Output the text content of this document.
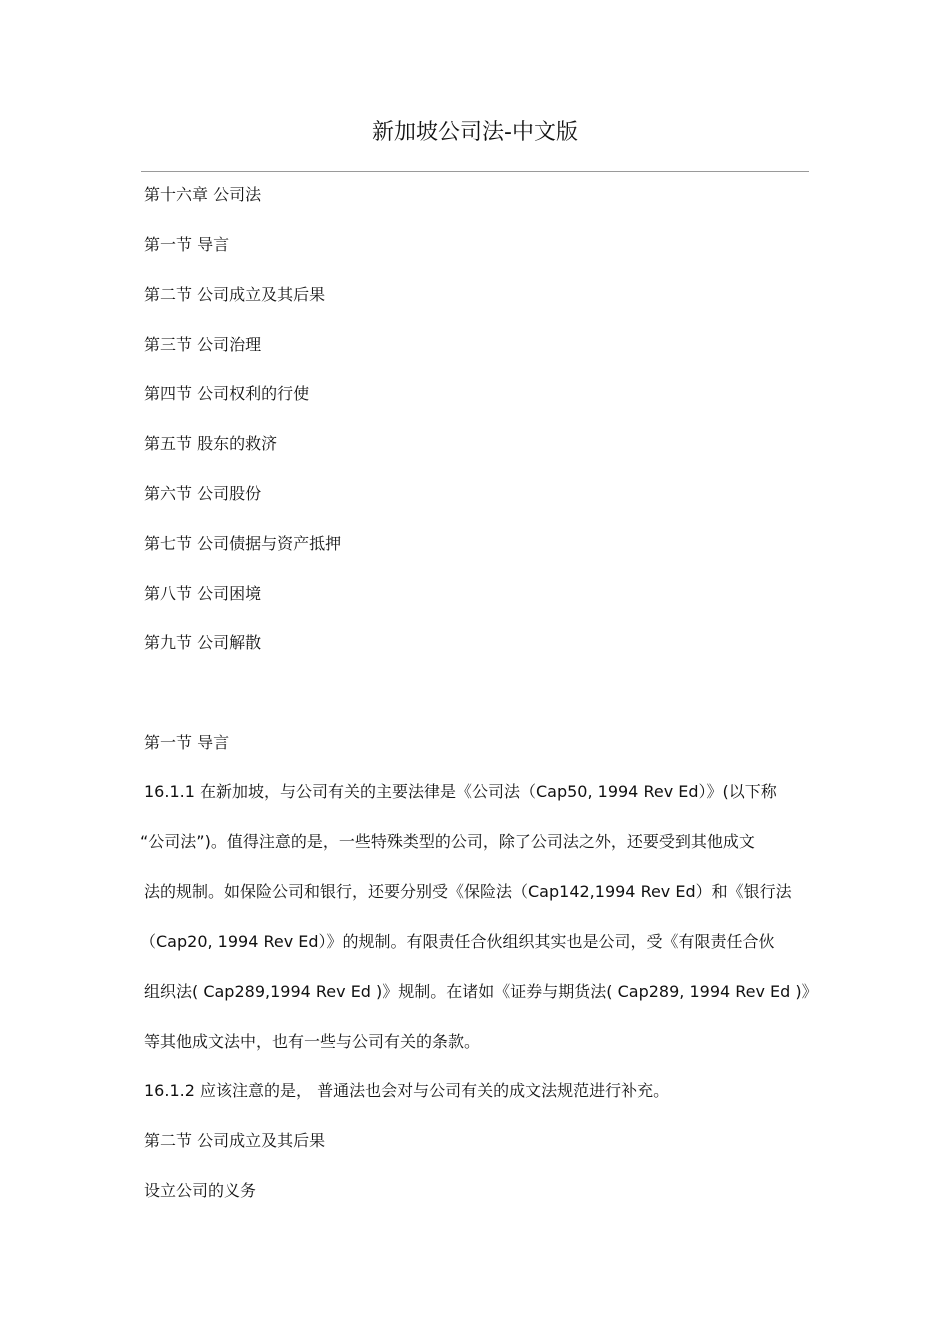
新加坡公司法-中文版
第十六章 公司法
第一节 导言
第二节 公司成立及其后果
第三节 公司治理
第四节 公司权利的行使
第五节 股东的救济
第六节 公司股份
第七节 公司债据与资产抵押
第八节 公司困境
第九节 公司解散
第一节 导言
16.1.1 在新加坡，与公司有关的主要法律是《公司法（Cap50, 1994 Rev Ed）》(以下称
“公司法”)。值得注意的是，一些特殊类型的公司，除了公司法之外，还要受到其他成文
法的规制。如保险公司和银行，还要分别受《保险法（Cap142,1994 Rev Ed）和《银行法
（Cap20, 1994 Rev Ed）》的规制。有限责任合伙组织其实也是公司，受《有限责任合伙
组织法( Cap289,1994 Rev Ed )》规制。在诸如《证券与期货法( Cap289, 1994 Rev Ed )》
等其他成文法中，也有一些与公司有关的条款。
16.1.2 应该注意的是， 普通法也会对与公司有关的成文法规范进行补充。
第二节 公司成立及其后果
设立公司的义务
